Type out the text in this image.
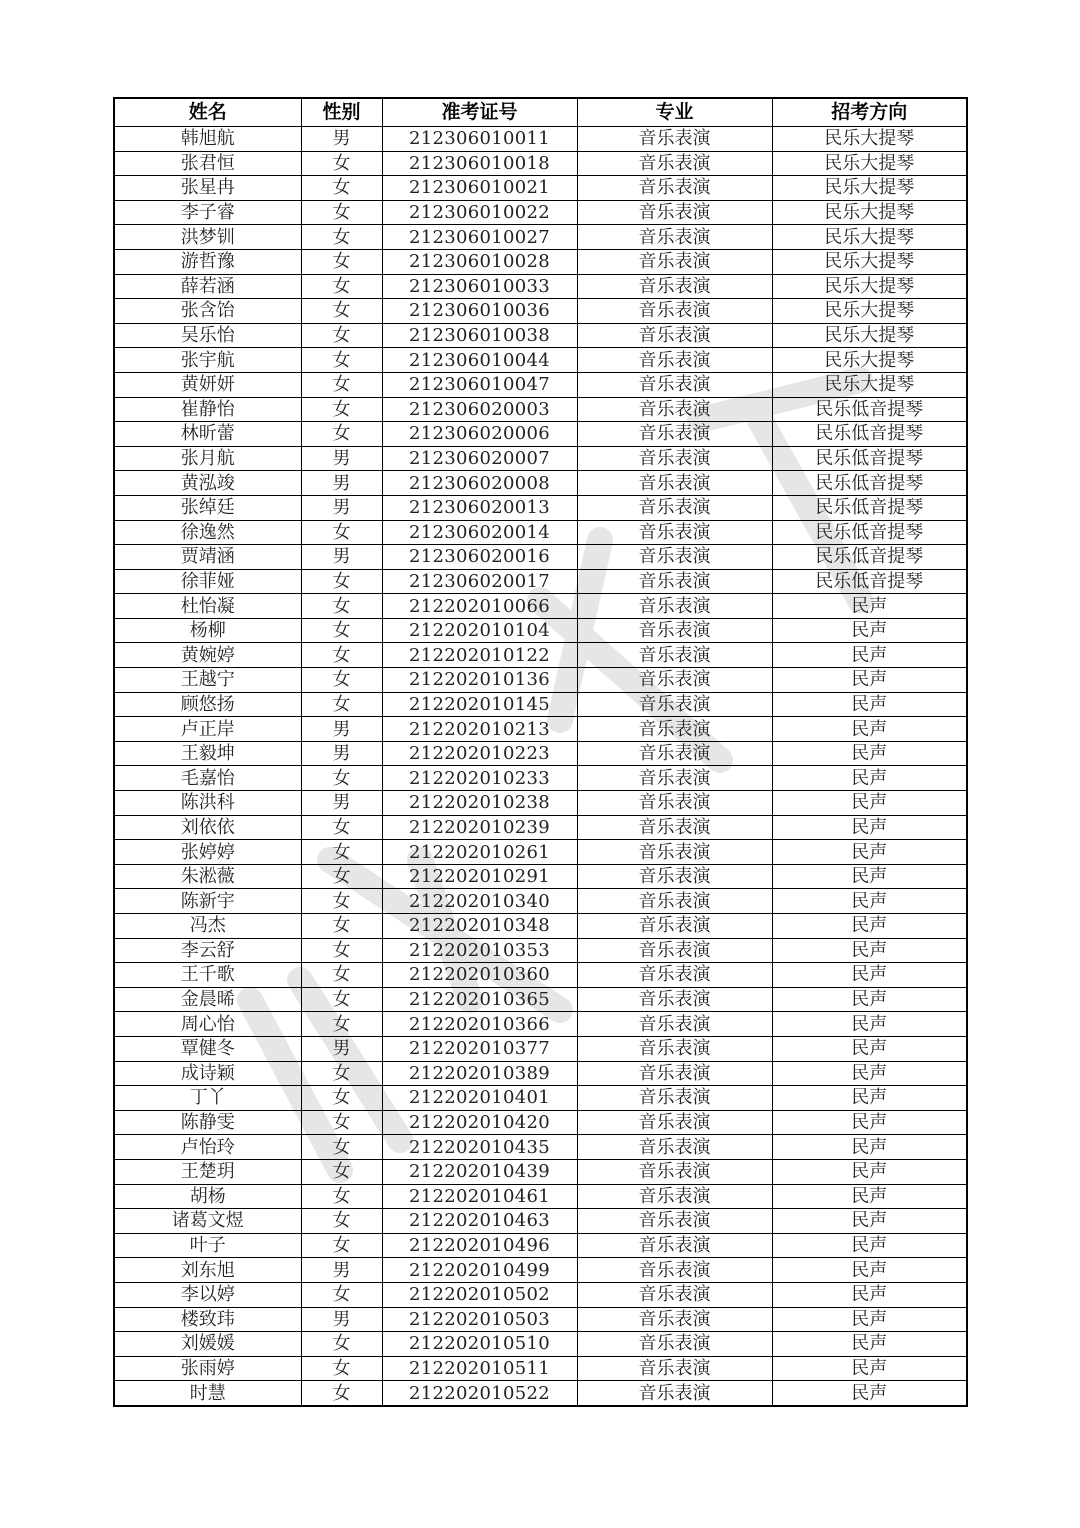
姓名	性别	准考证号	专业	招考方向
韩旭航	男	212306010011	音乐表演	民乐大提琴
张君恒	女	212306010018	音乐表演	民乐大提琴
张星冉	女	212306010021	音乐表演	民乐大提琴
李子睿	女	212306010022	音乐表演	民乐大提琴
洪梦钏	女	212306010027	音乐表演	民乐大提琴
游哲豫	女	212306010028	音乐表演	民乐大提琴
薛若涵	女	212306010033	音乐表演	民乐大提琴
张含饴	女	212306010036	音乐表演	民乐大提琴
吴乐怡	女	212306010038	音乐表演	民乐大提琴
张宇航	女	212306010044	音乐表演	民乐大提琴
黄妍妍	女	212306010047	音乐表演	民乐大提琴
崔静怡	女	212306020003	音乐表演	民乐低音提琴
林昕蕾	女	212306020006	音乐表演	民乐低音提琴
张月航	男	212306020007	音乐表演	民乐低音提琴
黄泓竣	男	212306020008	音乐表演	民乐低音提琴
张绰廷	男	212306020013	音乐表演	民乐低音提琴
徐逸然	女	212306020014	音乐表演	民乐低音提琴
贾靖涵	男	212306020016	音乐表演	民乐低音提琴
徐菲娅	女	212306020017	音乐表演	民乐低音提琴
杜怡凝	女	212202010066	音乐表演	民声
杨柳	女	212202010104	音乐表演	民声
黄婉婷	女	212202010122	音乐表演	民声
王越宁	女	212202010136	音乐表演	民声
顾悠扬	女	212202010145	音乐表演	民声
卢正岸	男	212202010213	音乐表演	民声
王毅坤	男	212202010223	音乐表演	民声
毛嘉怡	女	212202010233	音乐表演	民声
陈洪科	男	212202010238	音乐表演	民声
刘依依	女	212202010239	音乐表演	民声
张婷婷	女	212202010261	音乐表演	民声
朱淞薇	女	212202010291	音乐表演	民声
陈新宇	女	212202010340	音乐表演	民声
冯杰	女	212202010348	音乐表演	民声
李云舒	女	212202010353	音乐表演	民声
王千歌	女	212202010360	音乐表演	民声
金晨晞	女	212202010365	音乐表演	民声
周心怡	女	212202010366	音乐表演	民声
覃健冬	男	212202010377	音乐表演	民声
成诗颖	女	212202010389	音乐表演	民声
丁丫	女	212202010401	音乐表演	民声
陈静雯	女	212202010420	音乐表演	民声
卢怡玲	女	212202010435	音乐表演	民声
王楚玥	女	212202010439	音乐表演	民声
胡杨	女	212202010461	音乐表演	民声
诸葛文煜	女	212202010463	音乐表演	民声
叶子	女	212202010496	音乐表演	民声
刘东旭	男	212202010499	音乐表演	民声
李以婷	女	212202010502	音乐表演	民声
楼致玮	男	212202010503	音乐表演	民声
刘媛媛	女	212202010510	音乐表演	民声
张雨婷	女	212202010511	音乐表演	民声
时慧	女	212202010522	音乐表演	民声
